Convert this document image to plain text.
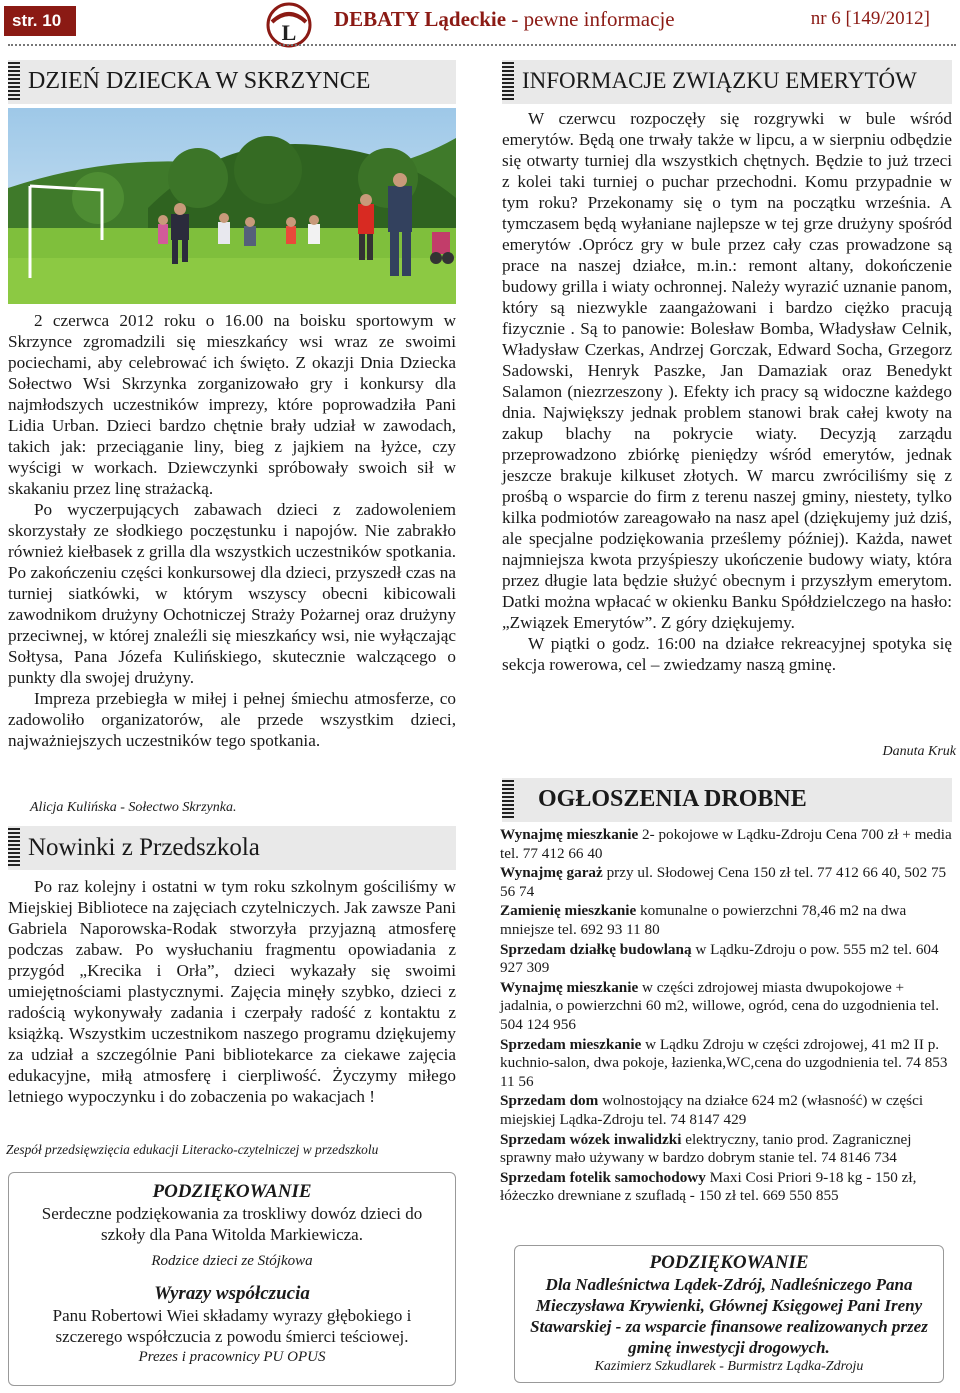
str. 10	L
DEBATY Lądeckie - pewne informacje	nr 6 [149/2012]
DZIEŃ DZIECKA W SKRZYNCE

2 czerwca 2012 roku o 16.00 na boisku sportowym w Skrzynce zgromadzili się mieszkańcy wsi wraz ze swoimi pociechami, aby celebrować ich święto. Z okazji Dnia Dziecka Sołectwo Wsi Skrzynka zorganizowało gry i konkursy dla najmłodszych uczestników imprezy, które poprowadziła Pani Lidia Urban. Dzieci bardzo chętnie brały udział w zawodach, takich jak: przeciąganie liny, bieg z jajkiem na łyżce, czy wyścigi w workach. Dziewczynki spróbowały swoich sił w skakaniu przez linę strażacką.

Po wyczerpujących zabawach dzieci z zadowoleniem skorzystały ze słodkiego poczęstunku i napojów. Nie zabrakło również kiełbasek z grilla dla wszystkich uczestników spotkania. Po zakończeniu części konkursowej dla dzieci, przyszedł czas na turniej siatkówki, w którym wszyscy obecni kibicowali zawodnikom drużyny Ochotniczej Straży Pożarnej oraz drużyny przeciwnej, w której znaleźli się mieszkańcy wsi, nie wyłączając Sołtysa, Pana Józefa Kulińskiego, skutecznie walczącego o punkty dla swojej drużyny.

Impreza przebiegła w miłej i pełnej śmiechu atmosferze, co zadowoliło organizatorów, ale przede wszystkim dzieci, najważniejszych uczestników tego spotkania.

Alicja Kulińska - Sołectwo Skrzynka.
Nowinki z Przedszkola

Po raz kolejny i ostatni w tym roku szkolnym gościliśmy w Miejskiej Bibliotece na zajęciach czytelniczych. Jak zawsze Pani Gabriela Naporowska-Rodak stworzyła przyjazną atmosferę podczas zabaw. Po wysłuchaniu fragmentu opowiadania z przygód „Krecika i Orła”, dzieci wykazały się swoimi umiejętnościami plastycznymi. Zajęcia minęły szybko, dzieci z radością wykonywały zadania i czerpały radość z kontaktu z książką. Wszystkim uczestnikom naszego programu dziękujemy za udział a szczególnie Pani bibliotekarce za ciekawe zajęcia edukacyjne, miłą atmosferę i cierpliwość. Życzymy miłego letniego wypoczynku i do zobaczenia po wakacjach !

Zespół przedsięwzięcia edukacji Literacko-czytelniczej w przedszkolu
PODZIĘKOWANIE
Serdeczne podziękowania za troskliwy dowóz dzieci do szkoły dla Pana Witolda Markiewicza.
Rodzice dzieci ze Stójkowa
Wyrazy współczucia
Panu Robertowi Wiei składamy wyrazy głębokiego i szczerego współczucia z powodu śmierci teściowej.
Prezes i pracownicy PU OPUS
INFORMACJE ZWIĄZKU EMERYTÓW

W czerwcu rozpoczęły się rozgrywki w bule wśród emerytów. Będą one trwały także w lipcu, a w sierpniu odbędzie się otwarty turniej dla wszystkich chętnych. Będzie to już trzeci z kolei taki turniej o puchar przechodni. Komu przypadnie w tym roku? Przekonamy się o tym na początku września. A tymczasem będą wyłaniane najlepsze w tej grze drużyny spośród emerytów .Oprócz gry w bule przez cały czas prowadzone są prace na naszej działce, m.in.: remont altany, dokończenie budowy grilla i wiaty ochronnej. Należy wyrazić uznanie panom, który są niezwykle zaangażowani i bardzo ciężko pracują fizycznie . Są to panowie: Bolesław Bomba, Władysław Celnik, Władysław Czerkas, Andrzej Gorczak, Edward Socha, Grzegorz Sadowski, Henryk Paszke, Jan Damaziak oraz Benedykt Salamon (niezrzeszony ). Efekty ich pracy są widoczne każdego dnia. Największy jednak problem stanowi brak całej kwoty na zakup blachy na pokrycie wiaty. Decyzją zarządu przeprowadzono zbiórkę pieniędzy wśród emerytów, jednak jeszcze brakuje kilkuset złotych. W marcu zwróciliśmy się z prośbą o wsparcie do firm z terenu naszej gminy, niestety, tylko kilka podmiotów zareagowało na nasz apel (dziękujemy już dziś, ale specjalne podziękowania prześlemy później). Każda, nawet najmniejsza kwota przyśpieszy ukończenie budowy wiaty, która przez długie lata będzie służyć obecnym i przyszłym emerytom. Datki można wpłacać w okienku Banku Spółdzielczego na hasło: „Związek Emerytów”. Z góry dziękujemy.

W piątki o godz. 16:00 na działce rekreacyjnej spotyka się sekcja rowerowa, cel – zwiedzamy naszą gminę.

Danuta Kruk
OGŁOSZENIA DROBNE
Wynajmę mieszkanie 2- pokojowe w Lądku-Zdroju Cena 700 zł + media tel. 77 412 66 40
Wynajmę garaż przy ul. Słodowej Cena 150 zł tel. 77 412 66 40, 502 75 56 74
Zamienię mieszkanie komunalne o powierzchni 78,46 m2 na dwa mniejsze tel. 692 93 11 80
Sprzedam działkę budowlaną w Lądku-Zdroju o pow. 555 m2 tel. 604 927 309
Wynajmę mieszkanie w części zdrojowej miasta dwupokojowe + jadalnia, o powierzchni 60 m2, willowe, ogród, cena do uzgodnienia tel. 504 124 956
Sprzedam mieszkanie w Lądku Zdroju w części zdrojowej, 41 m2 II p. kuchnio-salon, dwa pokoje, łazienka,WC,cena do uzgodnienia tel. 74 853 11 56
Sprzedam dom wolnostojący na działce 624 m2 (własność) w części miejskiej Lądka-Zdroju tel. 74 8147 429
Sprzedam wózek inwalidzki elektryczny, tanio prod. Zagranicznej sprawny mało używany w bardzo dobrym stanie tel. 74 8146 734
Sprzedam fotelik samochodowy Maxi Cosi Priori 9-18 kg - 150 zł, łóżeczko drewniane z szufladą - 150 zł tel. 669 550 855
PODZIĘKOWANIE
Dla Nadleśnictwa Lądek-Zdrój, Nadleśniczego Pana Mieczysława Krywienki, Głównej Księgowej Pani Ireny Stawarskiej - za wsparcie finansowe realizowanych przez gminę inwestycji drogowych.
Kazimierz Szkudlarek - Burmistrz Lądka-Zdroju
